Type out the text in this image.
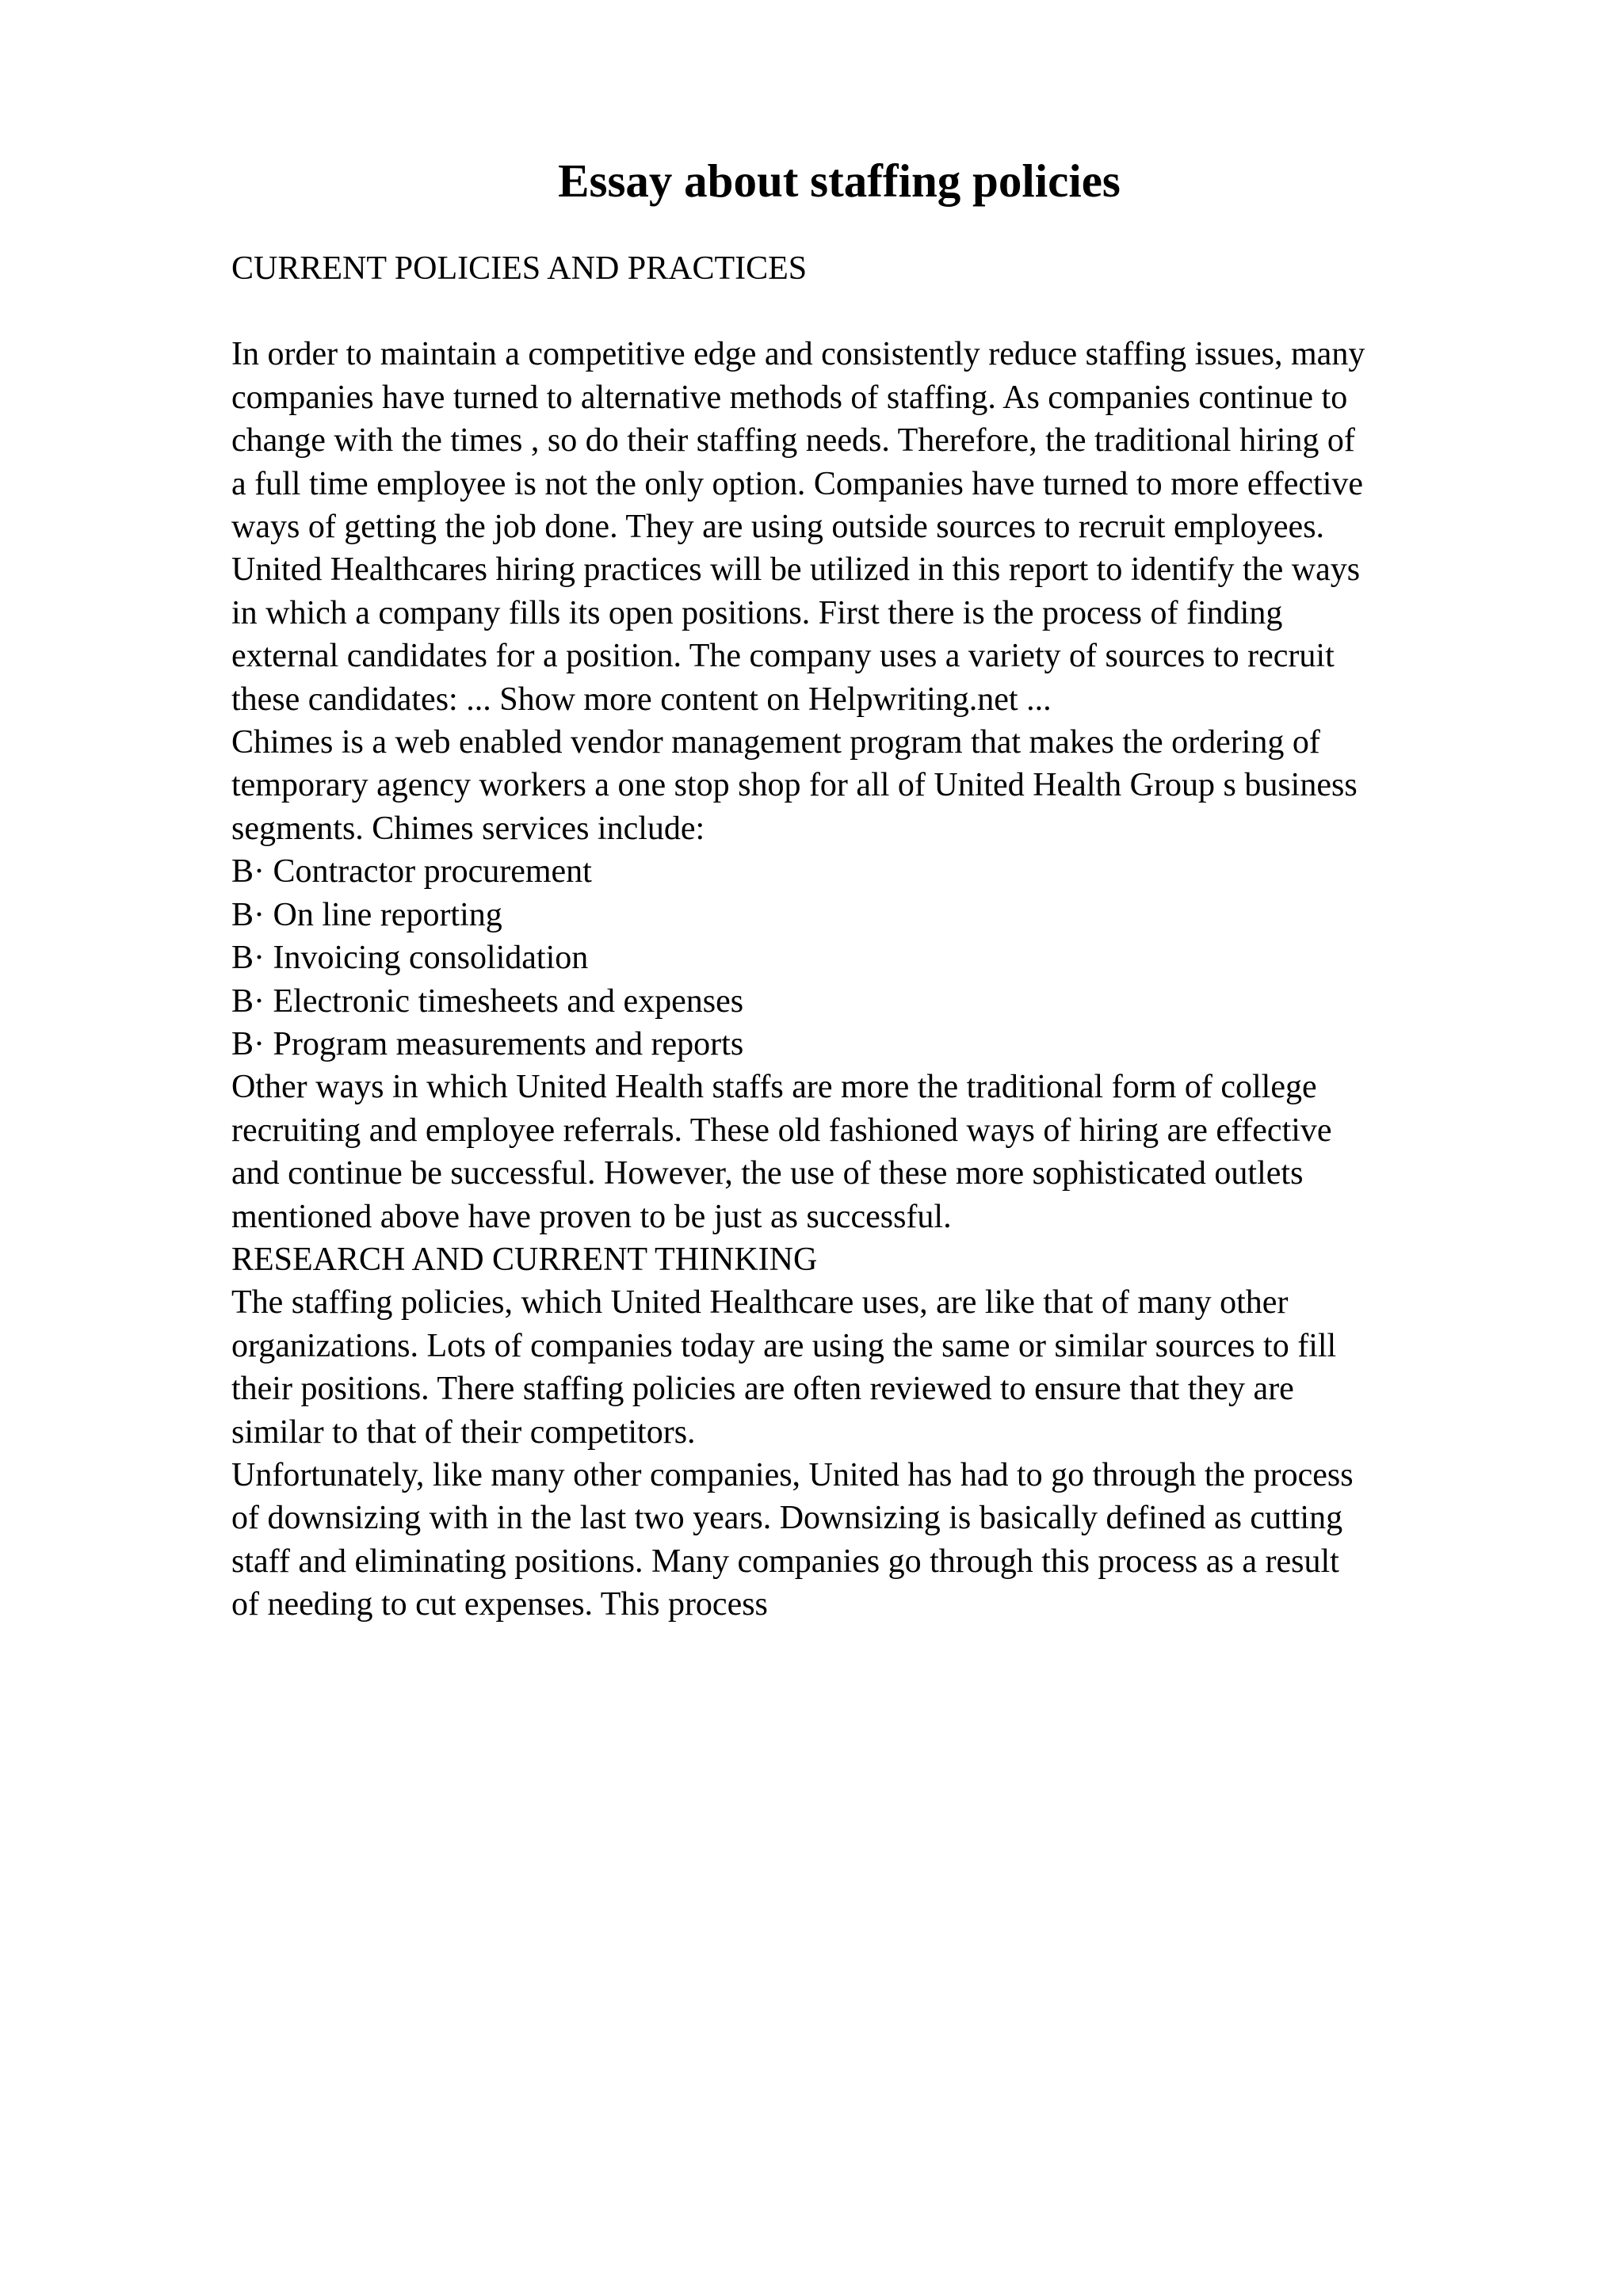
Essay about staffing policies
CURRENT POLICIES AND PRACTICES
In order to maintain a competitive edge and consistently reduce staffing issues, many
companies have turned to alternative methods of staffing. As companies continue to
change with the times , so do their staffing needs. Therefore, the traditional hiring of
a full time employee is not the only option. Companies have turned to more effective
ways of getting the job done. They are using outside sources to recruit employees.
United Healthcares hiring practices will be utilized in this report to identify the ways
in which a company fills its open positions. First there is the process of finding
external candidates for a position. The company uses a variety of sources to recruit
these candidates: ... Show more content on Helpwriting.net ...
Chimes is a web enabled vendor management program that makes the ordering of
temporary agency workers a one stop shop for all of United Health Group s business
segments. Chimes services include:
B· Contractor procurement
B· On line reporting
B· Invoicing consolidation
B· Electronic timesheets and expenses
B· Program measurements and reports
Other ways in which United Health staffs are more the traditional form of college
recruiting and employee referrals. These old fashioned ways of hiring are effective
and continue be successful. However, the use of these more sophisticated outlets
mentioned above have proven to be just as successful.
RESEARCH AND CURRENT THINKING
The staffing policies, which United Healthcare uses, are like that of many other
organizations. Lots of companies today are using the same or similar sources to fill
their positions. There staffing policies are often reviewed to ensure that they are
similar to that of their competitors.
Unfortunately, like many other companies, United has had to go through the process
of downsizing with in the last two years. Downsizing is basically defined as cutting
staff and eliminating positions. Many companies go through this process as a result
of needing to cut expenses. This process
